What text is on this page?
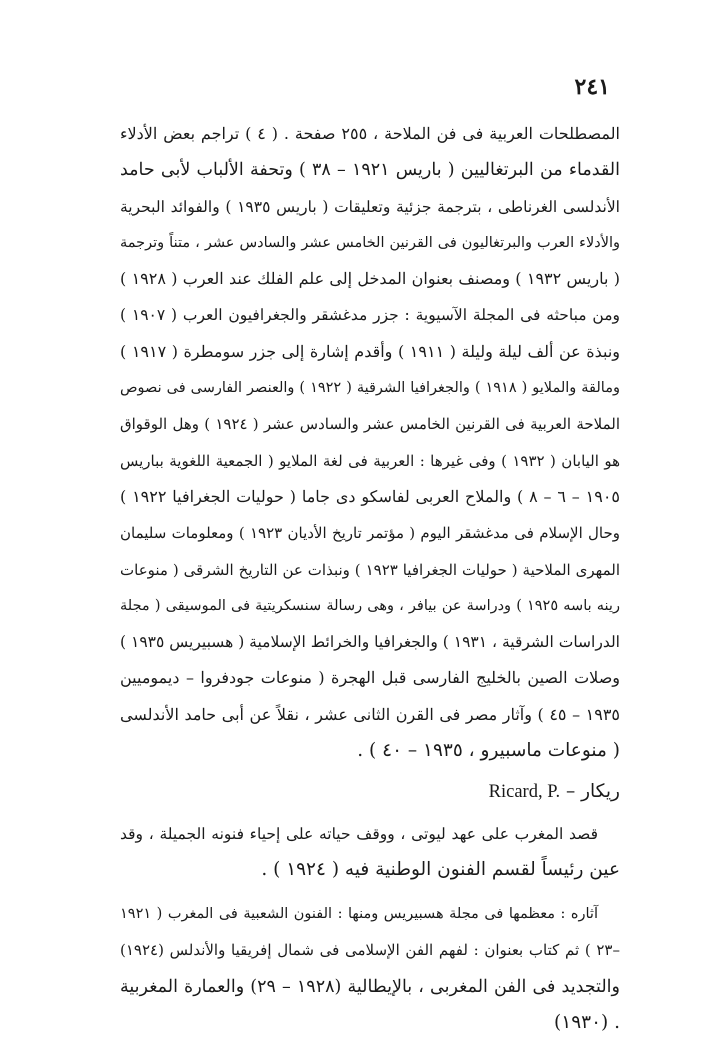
٢٤١
المصطلحات العربية فى فن الملاحة ، ٢٥٥ صفحة . ( ٤ ) تراجم بعض الأدلاء
القدماء من البرتغاليين ( باريس ١٩٢١ – ٣٨ ) وتحفة الألباب لأبى حامد
الأندلسى الغرناطى ، بترجمة جزئية وتعليقات ( باريس ١٩٣٥ ) والفوائد البحرية
والأدلاء العرب والبرتغاليون فى القرنين الخامس عشر والسادس عشر ، متناً وترجمة
( باريس ١٩٣٢ ) ومصنف بعنوان المدخل إلى علم الفلك عند العرب ( ١٩٢٨ )
ومن مباحثه فى المجلة الآسيوية : جزر مدغشقر والجغرافيون العرب ( ١٩٠٧ )
ونبذة عن ألف ليلة وليلة ( ١٩١١ ) وأقدم إشارة إلى جزر سومطرة ( ١٩١٧ )
ومالقة والملايو ( ١٩١٨ ) والجغرافيا الشرقية ( ١٩٢٢ ) والعنصر الفارسى فى نصوص
الملاحة العربية فى القرنين الخامس عشر والسادس عشر ( ١٩٢٤ ) وهل الوقواق
هو اليابان ( ١٩٣٢ ) وفى غيرها : العربية فى لغة الملايو ( الجمعية اللغوية بباريس
١٩٠٥ – ٦ – ٨ ) والملاح العربى لفاسكو دى جاما ( حوليات الجغرافيا ١٩٢٢ )
وحال الإسلام فى مدغشقر اليوم ( مؤتمر تاريخ الأديان ١٩٢٣ ) ومعلومات سليمان
المهرى الملاحية ( حوليات الجغرافيا ١٩٢٣ ) ونبذات عن التاريخ الشرقى ( منوعات
رينه باسه ١٩٢٥ ) ودراسة عن بيافر ، وهى رسالة سنسكريتية فى الموسيقى ( مجلة
الدراسات الشرقية ، ١٩٣١ ) والجغرافيا والخرائط الإسلامية ( هسبيريس ١٩٣٥ )
وصلات الصين بالخليج الفارسى قبل الهجرة ( منوعات جودفروا – ديموميين
١٩٣٥ – ٤٥ ) وآثار مصر فى القرن الثانى عشر ، نقلاً عن أبى حامد الأندلسى
( منوعات ماسبيرو ، ١٩٣٥ – ٤٠ ) .
ريكار – Ricard, P.
قصد المغرب على عهد ليوتى ، ووقف حياته على إحياء فنونه الجميلة ، وقد
عين رئيساً لقسم الفنون الوطنية فيه ( ١٩٢٤ ) .
آثاره : معظمها فى مجلة هسبيريس ومنها : الفنون الشعبية فى المغرب ( ١٩٢١
–٢٣ ) ثم كتاب بعنوان : لفهم الفن الإسلامى فى شمال إفريقيا والأندلس (١٩٢٤)
والتجديد فى الفن المغربى ، بالإيطالية (١٩٢٨ – ٢٩) والعمارة المغربية
. (١٩٣٠)
